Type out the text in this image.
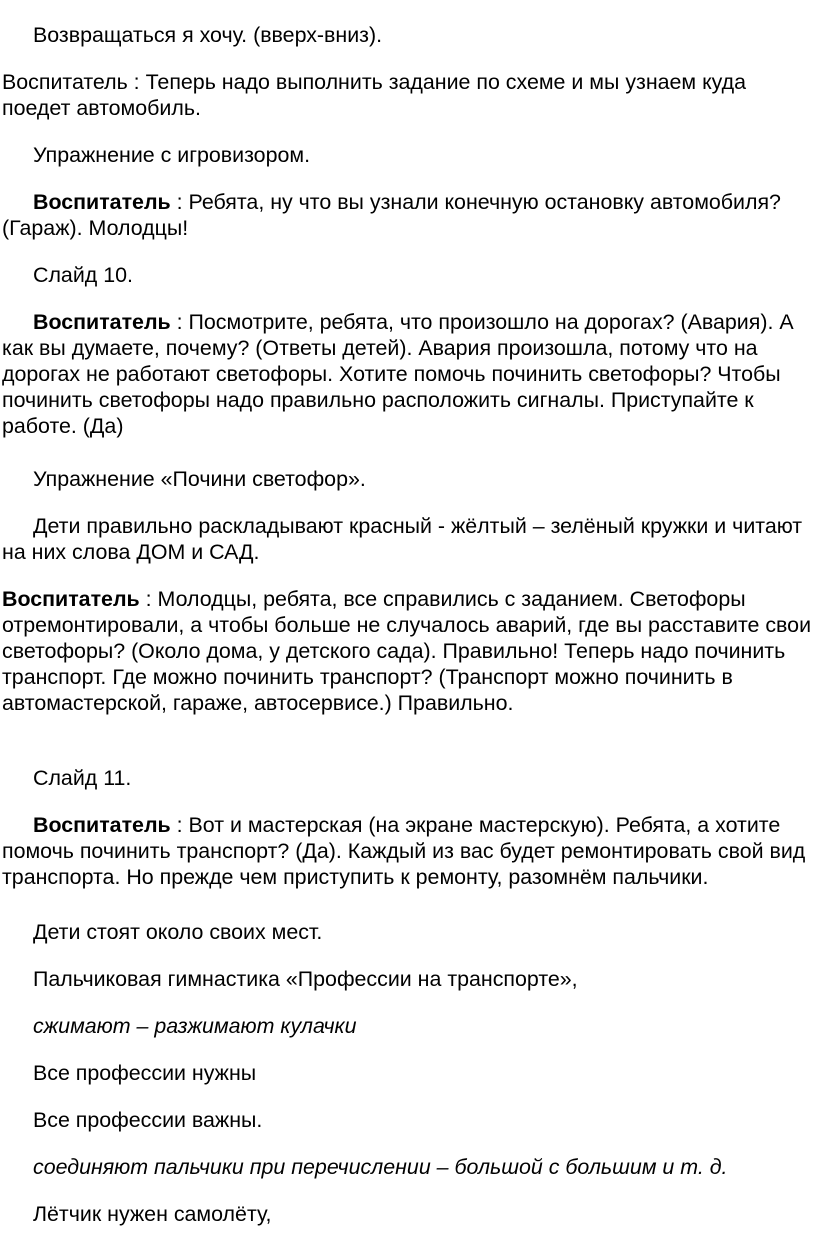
Возвращаться я хочу. (вверх-вниз).

Воспитатель : Теперь надо выполнить задание по схеме и мы узнаем куда поедет автомобиль.

Упражнение с игровизором.

Воспитатель : Ребята, ну что вы узнали конечную остановку автомобиля? (Гараж). Молодцы!

Слайд 10.

Воспитатель : Посмотрите, ребята, что произошло на дорогах? (Авария). А как вы думаете, почему? (Ответы детей). Авария произошла, потому что на дорогах не работают светофоры. Хотите помочь починить светофоры? Чтобы починить светофоры надо правильно расположить сигналы. Приступайте к работе. (Да)

Упражнение «Почини светофор».

Дети правильно раскладывают красный - жёлтый – зелёный кружки и читают на них слова ДОМ и САД.

Воспитатель : Молодцы, ребята, все справились с заданием. Светофоры отремонтировали, а чтобы больше не случалось аварий, где вы расставите свои светофоры? (Около дома, у детского сада). Правильно! Теперь надо починить транспорт. Где можно починить транспорт? (Транспорт можно починить в автомастерской, гараже, автосервисе.) Правильно.

Слайд 11.

Воспитатель : Вот и мастерская (на экране мастерскую). Ребята, а хотите помочь починить транспорт? (Да). Каждый из вас будет ремонтировать свой вид транспорта. Но прежде чем приступить к ремонту, разомнём пальчики.

Дети стоят около своих мест.

Пальчиковая гимнастика «Профессии на транспорте»,

сжимают – разжимают кулачки

Все профессии нужны

Все профессии важны.

соединяют пальчики при перечислении – большой с большим и т. д.

Лётчик нужен самолёту,
